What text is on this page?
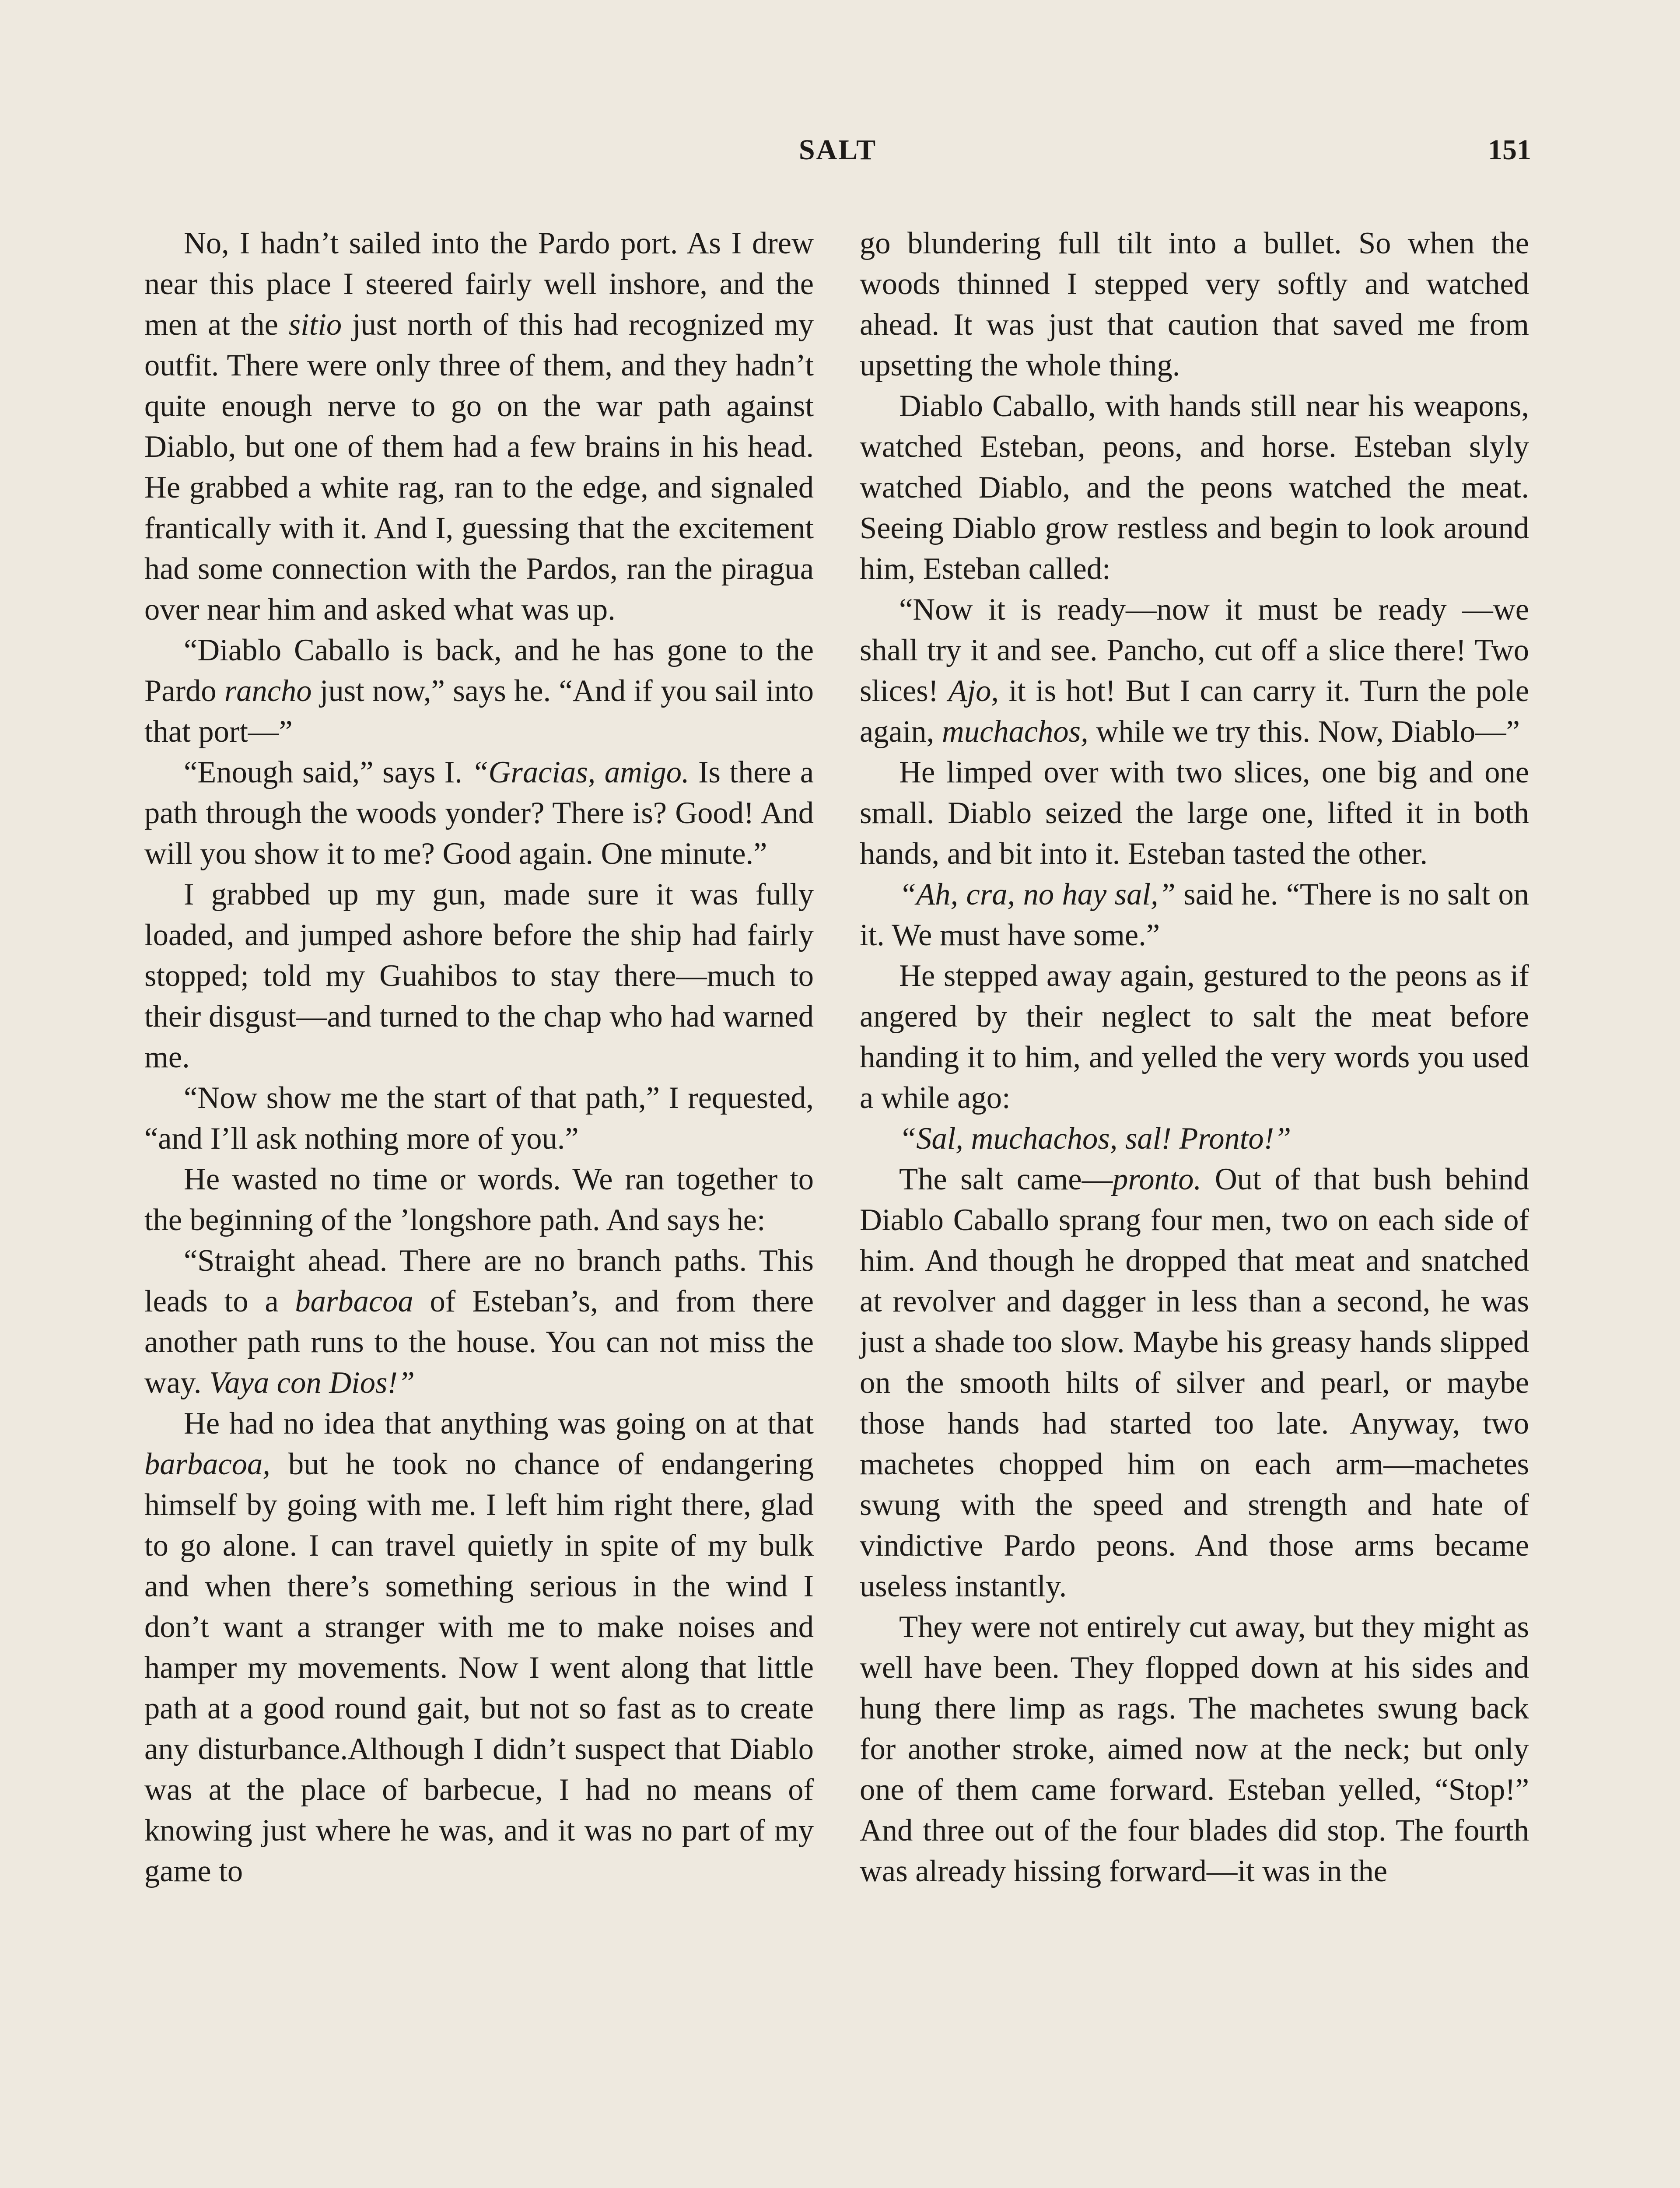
SALT	151

No, I hadn’t sailed into the Pardo port. As I drew near this place I steered fairly well inshore, and the men at the sitio just north of this had recognized my outfit. There were only three of them, and they hadn’t quite enough nerve to go on the war path against Diablo, but one of them had a few brains in his head. He grabbed a white rag, ran to the edge, and signaled frantically with it. And I, guessing that the excitement had some connection with the Pardos, ran the piragua over near him and asked what was up.

“Diablo Caballo is back, and he has gone to the Pardo rancho just now,” says he. “And if you sail into that port—”

“Enough said,” says I. “Gracias, amigo. Is there a path through the woods yonder? There is? Good! And will you show it to me? Good again. One minute.”

I grabbed up my gun, made sure it was fully loaded, and jumped ashore before the ship had fairly stopped; told my Guahibos to stay there—much to their disgust—and turned to the chap who had warned me.

“Now show me the start of that path,” I requested, “and I’ll ask nothing more of you.”

He wasted no time or words. We ran together to the beginning of the ’longshore path. And says he:

“Straight ahead. There are no branch paths. This leads to a barbacoa of Esteban’s, and from there another path runs to the house. You can not miss the way. Vaya con Dios!”

He had no idea that anything was going on at that barbacoa, but he took no chance of endangering himself by going with me. I left him right there, glad to go alone. I can travel quietly in spite of my bulk and when there’s something serious in the wind I don’t want a stranger with me to make noises and hamper my movements. Now I went along that little path at a good round gait, but not so fast as to create any disturbance.Although I didn’t suspect that Diablo was at the place of barbecue, I had no means of knowing just where he was, and it was no part of my game to

go blundering full tilt into a bullet. So when the woods thinned I stepped very softly and watched ahead. It was just that caution that saved me from upsetting the whole thing.

Diablo Caballo, with hands still near his weapons, watched Esteban, peons, and horse. Esteban slyly watched Diablo, and the peons watched the meat. Seeing Diablo grow restless and begin to look around him, Esteban called:

“Now it is ready—now it must be ready —we shall try it and see. Pancho, cut off a slice there! Two slices! Ajo, it is hot! But I can carry it. Turn the pole again, muchachos, while we try this. Now, Diablo—”

He limped over with two slices, one big and one small. Diablo seized the large one, lifted it in both hands, and bit into it. Esteban tasted the other.

“Ah, cra, no hay sal,” said he. “There is no salt on it. We must have some.”

He stepped away again, gestured to the peons as if angered by their neglect to salt the meat before handing it to him, and yelled the very words you used a while ago:

“Sal, muchachos, sal! Pronto!”

The salt came—pronto. Out of that bush behind Diablo Caballo sprang four men, two on each side of him. And though he dropped that meat and snatched at revolver and dagger in less than a second, he was just a shade too slow. Maybe his greasy hands slipped on the smooth hilts of silver and pearl, or maybe those hands had started too late. Anyway, two machetes chopped him on each arm—machetes swung with the speed and strength and hate of vindictive Pardo peons. And those arms became useless instantly.

They were not entirely cut away, but they might as well have been. They flopped down at his sides and hung there limp as rags. The machetes swung back for another stroke, aimed now at the neck; but only one of them came forward. Esteban yelled, “Stop!” And three out of the four blades did stop. The fourth was already hissing forward—it was in the
